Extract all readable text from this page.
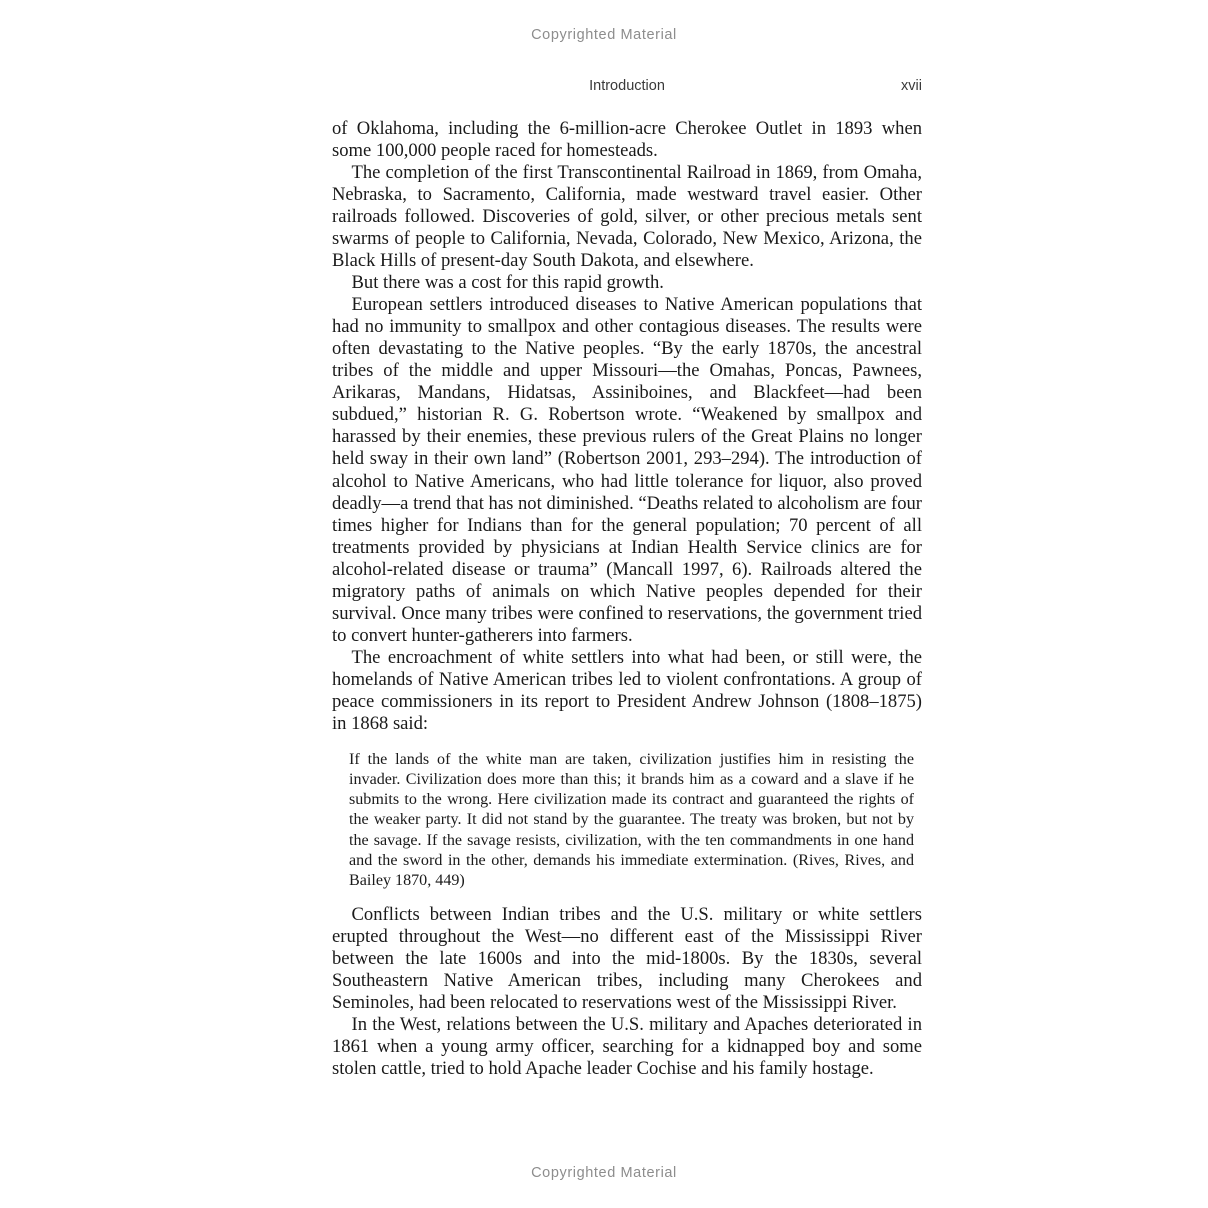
Copyrighted Material
Introduction	xvii

of Oklahoma, including the 6-million-acre Cherokee Outlet in 1893 when some 100,000 people raced for homesteads.

The completion of the first Transcontinental Railroad in 1869, from Omaha, Nebraska, to Sacramento, California, made westward travel easier. Other railroads followed. Discoveries of gold, silver, or other precious metals sent swarms of people to California, Nevada, Colorado, New Mexico, Arizona, the Black Hills of present-day South Dakota, and elsewhere.

But there was a cost for this rapid growth.

European settlers introduced diseases to Native American populations that had no immunity to smallpox and other contagious diseases. The results were often devastating to the Native peoples. “By the early 1870s, the ancestral tribes of the middle and upper Missouri—the Omahas, Poncas, Pawnees, Arikaras, Mandans, Hidatsas, Assiniboines, and Blackfeet—had been subdued,” historian R. G. Robertson wrote. “Weakened by smallpox and harassed by their enemies, these previous rulers of the Great Plains no longer held sway in their own land” (Robertson 2001, 293–294). The introduction of alcohol to Native Americans, who had little tolerance for liquor, also proved deadly—a trend that has not diminished. “Deaths related to alcoholism are four times higher for Indians than for the general population; 70 percent of all treatments provided by physicians at Indian Health Service clinics are for alcohol-related disease or trauma” (Mancall 1997, 6). Railroads altered the migratory paths of animals on which Native peoples depended for their survival. Once many tribes were confined to reservations, the government tried to convert hunter-gatherers into farmers.

The encroachment of white settlers into what had been, or still were, the homelands of Native American tribes led to violent confrontations. A group of peace commissioners in its report to President Andrew Johnson (1808–1875) in 1868 said:

If the lands of the white man are taken, civilization justifies him in resisting the invader. Civilization does more than this; it brands him as a coward and a slave if he submits to the wrong. Here civilization made its contract and guaranteed the rights of the weaker party. It did not stand by the guarantee. The treaty was broken, but not by the savage. If the savage resists, civilization, with the ten commandments in one hand and the sword in the other, demands his immediate extermination. (Rives, Rives, and Bailey 1870, 449)

Conflicts between Indian tribes and the U.S. military or white settlers erupted throughout the West—no different east of the Mississippi River between the late 1600s and into the mid-1800s. By the 1830s, several Southeastern Native American tribes, including many Cherokees and Seminoles, had been relocated to reservations west of the Mississippi River.

In the West, relations between the U.S. military and Apaches deteriorated in 1861 when a young army officer, searching for a kidnapped boy and some stolen cattle, tried to hold Apache leader Cochise and his family hostage.

Copyrighted Material
